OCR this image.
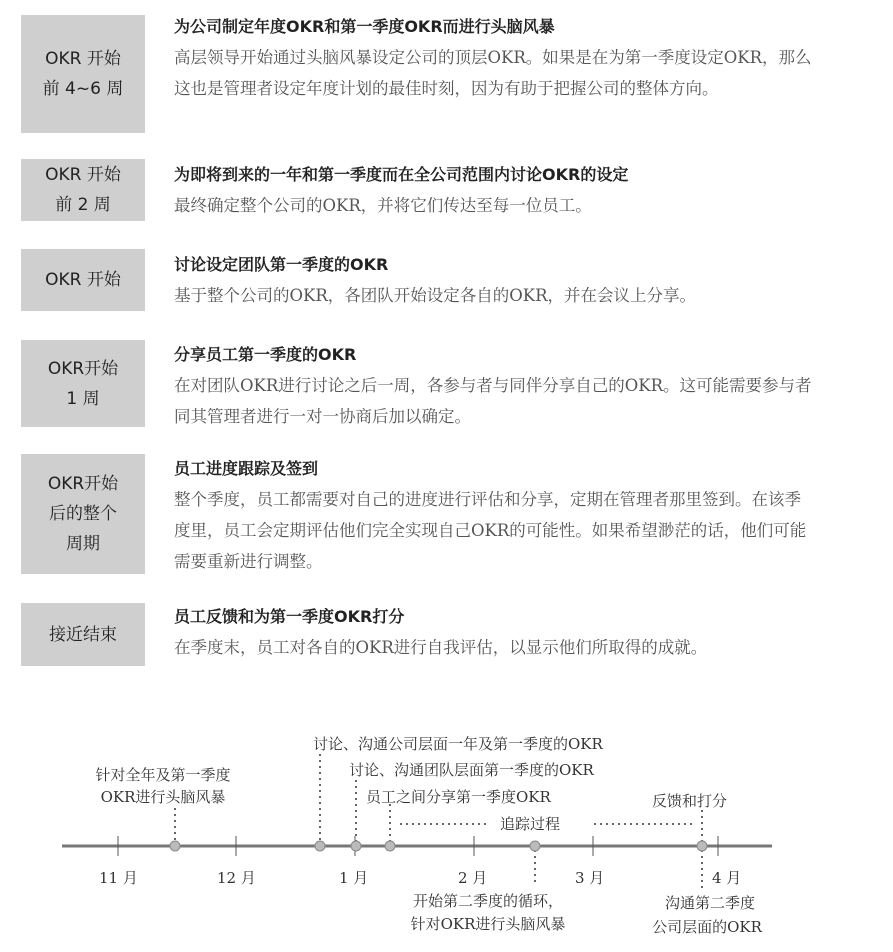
OKR 开始
前 4~6 周

为公司制定年度OKR和第一季度OKR而进行头脑风暴

高层领导开始通过头脑风暴设定公司的顶层OKR。如果是在为第一季度设定OKR，那么这也是管理者设定年度计划的最佳时刻，因为有助于把握公司的整体方向。

OKR 开始
前 2 周

为即将到来的一年和第一季度而在全公司范围内讨论OKR的设定

最终确定整个公司的OKR，并将它们传达至每一位员工。

OKR 开始

讨论设定团队第一季度的OKR

基于整个公司的OKR，各团队开始设定各自的OKR，并在会议上分享。

OKR开始
1 周

分享员工第一季度的OKR

在对团队OKR进行讨论之后一周，各参与者与同伴分享自己的OKR。这可能需要参与者同其管理者进行一对一协商后加以确定。

OKR开始
后的整个
周期

员工进度跟踪及签到

整个季度，员工都需要对自己的进度进行评估和分享，定期在管理者那里签到。在该季度里，员工会定期评估他们完全实现自己OKR的可能性。如果希望渺茫的话，他们可能需要重新进行调整。

接近结束

员工反馈和为第一季度OKR打分

在季度末，员工对各自的OKR进行自我评估，以显示他们所取得的成就。

11 月	12 月	1 月	2 月	3 月	4 月
针对全年及第一季度
OKR进行头脑风暴
讨论、沟通公司层面一年及第一季度的OKR
讨论、沟通团队层面第一季度的OKR
员工之间分享第一季度OKR
追踪过程
反馈和打分
开始第二季度的循环，
针对OKR进行头脑风暴
沟通第二季度
公司层面的OKR
